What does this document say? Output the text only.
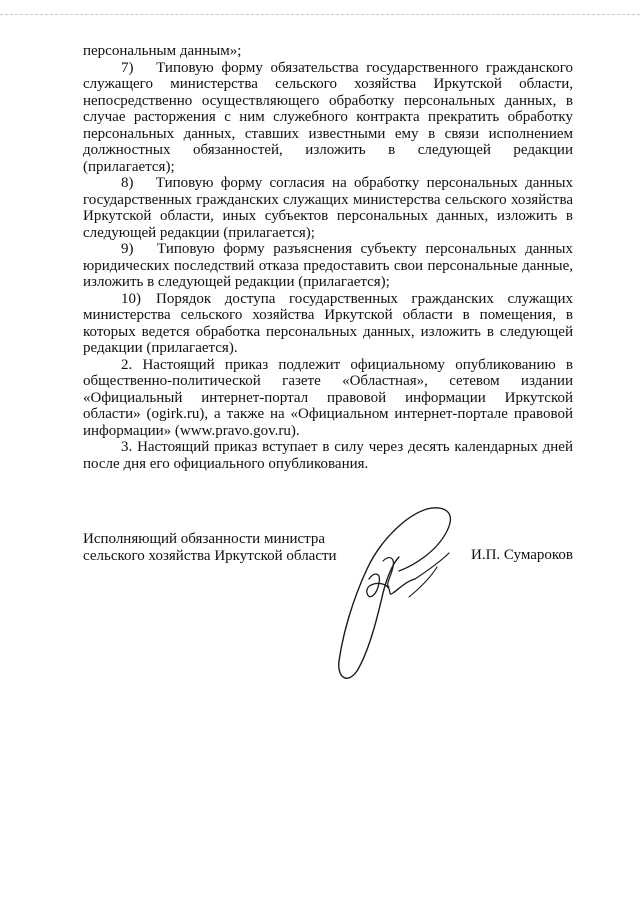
персональным данным»;

7)  Типовую форму обязательства государственного гражданского служащего министерства сельского хозяйства Иркутской области, непосредственно осуществляющего обработку персональных данных, в случае расторжения с ним служебного контракта прекратить обработку персональных данных, ставших известными ему в связи исполнением должностных обязанностей, изложить в следующей редакции (прилагается);

8)  Типовую форму согласия на обработку персональных данных государственных гражданских служащих министерства сельского хозяйства Иркутской области, иных субъектов персональных данных, изложить в следующей редакции (прилагается);

9)  Типовую форму разъяснения субъекту персональных данных юридических последствий отказа предоставить свои персональные данные, изложить в следующей редакции (прилагается);

10) Порядок доступа государственных гражданских служащих министерства сельского хозяйства Иркутской области в помещения, в которых ведется обработка персональных данных, изложить в следующей редакции (прилагается).

2. Настоящий приказ подлежит официальному опубликованию в общественно-политической газете «Областная», сетевом издании «Официальный интернет-портал правовой информации Иркутской области» (ogirk.ru), а также на «Официальном интернет-портале правовой информации» (www.pravo.gov.ru).

3. Настоящий приказ вступает в силу через десять календарных дней после дня его официального опубликования.

Исполняющий обязанности министра
сельского хозяйства Иркутской области	И.П. Сумароков
